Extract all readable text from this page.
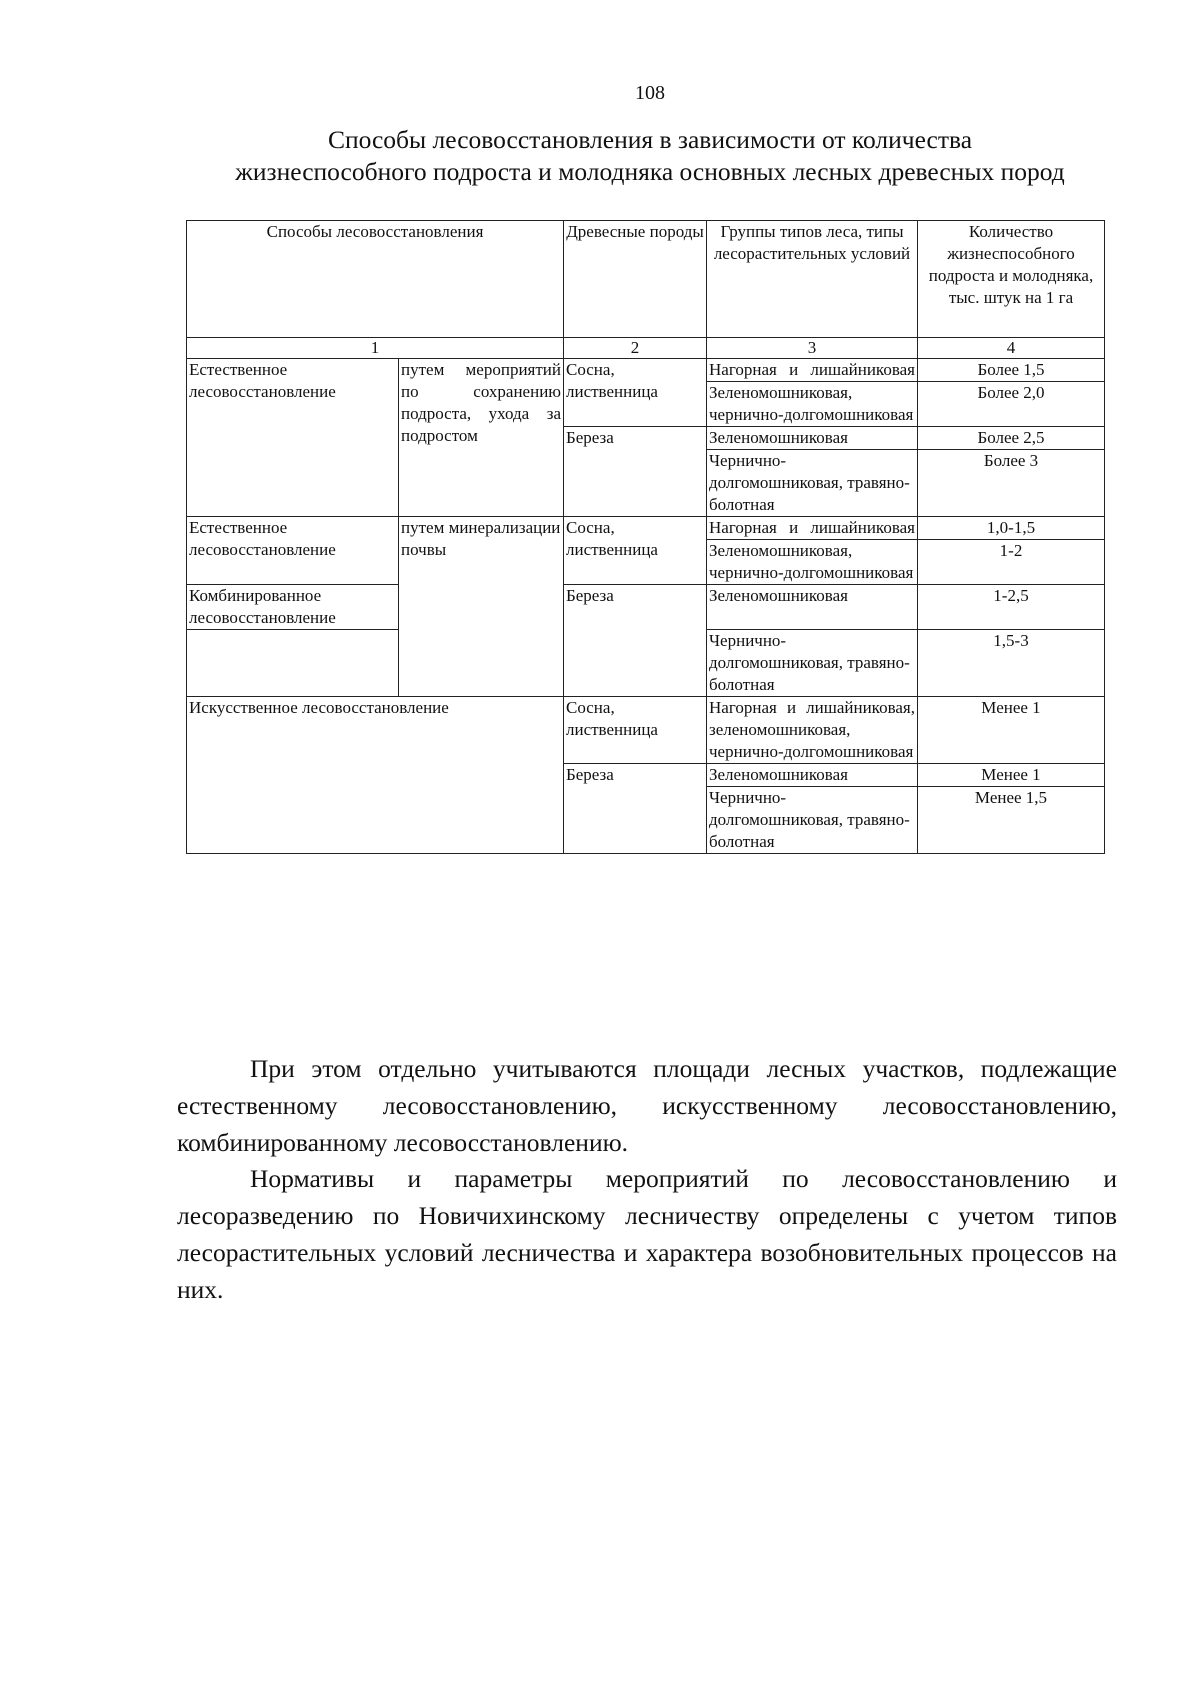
108
Способы лесовосстановления в зависимости от количества
жизнеспособного подроста и молодняка основных лесных древесных пород
Способы лесовосстановления		Древесные породы	Группы типов леса, типы лесорастительных условий	Количество жизнеспособного подроста и молодняка, тыс. штук на 1 га
1		2	3	4
Естественное лесовосстановление	путем мероприятий по сохранению подроста, ухода за подростом	Сосна, лиственница	Нагорная и лишайниковая	Более 1,5
			Зеленомошниковая, чернично-долгомошниковая	Более 2,0
		Береза	Зеленомошниковая	Более 2,5
			Чернично-долгомошниковая, травяно-болотная	Более 3
Естественное лесовосстановление	путем минерализации почвы	Сосна, лиственница	Нагорная и лишайниковая	1,0-1,5
			Зеленомошниковая, чернично-долгомошниковая	1-2
Комбинированное лесовосстановление		Береза	Зеленомошниковая	1-2,5
			Чернично-долгомошниковая, травяно-болотная	1,5-3
Искусственное лесовосстановление		Сосна, лиственница	Нагорная и лишайниковая, зеленомошниковая, чернично-долгомошниковая	Менее 1
		Береза	Зеленомошниковая	Менее 1
			Чернично-долгомошниковая, травяно-болотная	Менее 1,5

При этом отдельно учитываются площади лесных участков, подлежащие естественному лесовосстановлению, искусственному лесовосстановлению, комбинированному лесовосстановлению.

Нормативы и параметры мероприятий по лесовосстановлению и лесоразведению по Новичихинскому лесничеству определены с учетом типов лесорастительных условий лесничества и характера возобновительных процессов на них.
